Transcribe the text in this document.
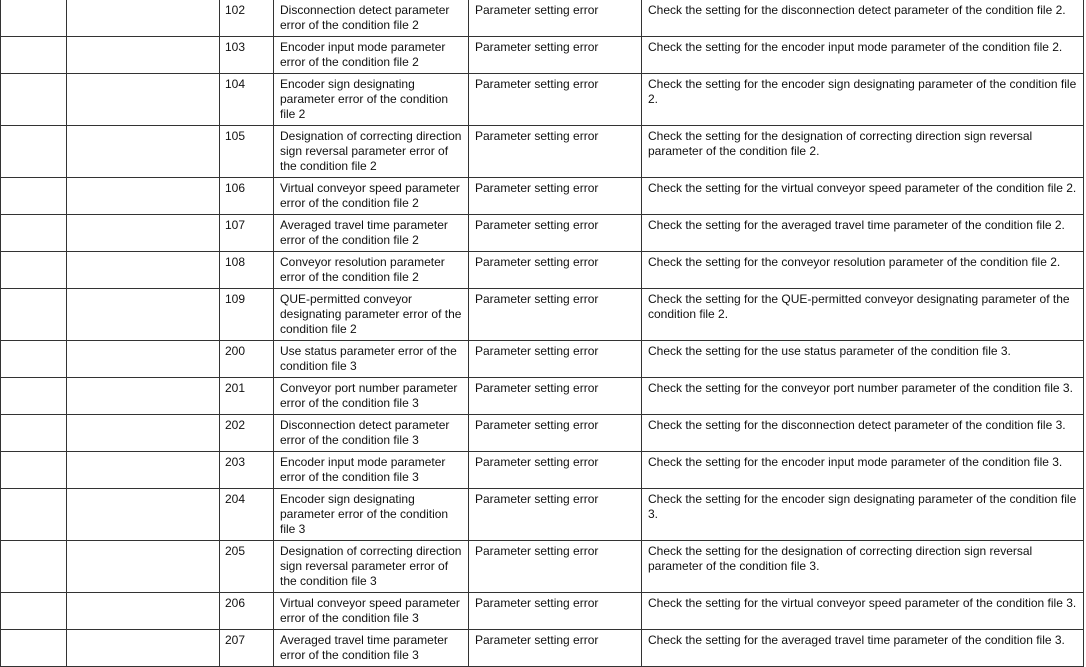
		102	Disconnection detect parameter error of the condition file 2	Parameter setting error	Check the setting for the disconnection detect parameter of the condition file 2.
		103	Encoder input mode parameter error of the condition file 2	Parameter setting error	Check the setting for the encoder input mode parameter of the condition file 2.
		104	Encoder sign designating parameter error of the condition file 2	Parameter setting error	Check the setting for the encoder sign designating parameter of the condition file 2.
		105	Designation of correcting direction sign reversal parameter error of the condition file 2	Parameter setting error	Check the setting for the designation of correcting direction sign reversal parameter of the condition file 2.
		106	Virtual conveyor speed parameter error of the condition file 2	Parameter setting error	Check the setting for the virtual conveyor speed parameter of the condition file 2.
		107	Averaged travel time parameter error of the condition file 2	Parameter setting error	Check the setting for the averaged travel time parameter of the condition file 2.
		108	Conveyor resolution parameter error of the condition file 2	Parameter setting error	Check the setting for the conveyor resolution parameter of the condition file 2.
		109	QUE-permitted conveyor designating parameter error of the condition file 2	Parameter setting error	Check the setting for the QUE-permitted conveyor designating parameter of the condition file 2.
		200	Use status parameter error of the condition file 3	Parameter setting error	Check the setting for the use status parameter of the condition file 3.
		201	Conveyor port number parameter error of the condition file 3	Parameter setting error	Check the setting for the conveyor port number parameter of the condition file 3.
		202	Disconnection detect parameter error of the condition file 3	Parameter setting error	Check the setting for the disconnection detect parameter of the condition file 3.
		203	Encoder input mode parameter error of the condition file 3	Parameter setting error	Check the setting for the encoder input mode parameter of the condition file 3.
		204	Encoder sign designating parameter error of the condition file 3	Parameter setting error	Check the setting for the encoder sign designating parameter of the condition file 3.
		205	Designation of correcting direction sign reversal parameter error of the condition file 3	Parameter setting error	Check the setting for the designation of correcting direction sign reversal parameter of the condition file 3.
		206	Virtual conveyor speed parameter error of the condition file 3	Parameter setting error	Check the setting for the virtual conveyor speed parameter of the condition file 3.
		207	Averaged travel time parameter error of the condition file 3	Parameter setting error	Check the setting for the averaged travel time parameter of the condition file 3.
